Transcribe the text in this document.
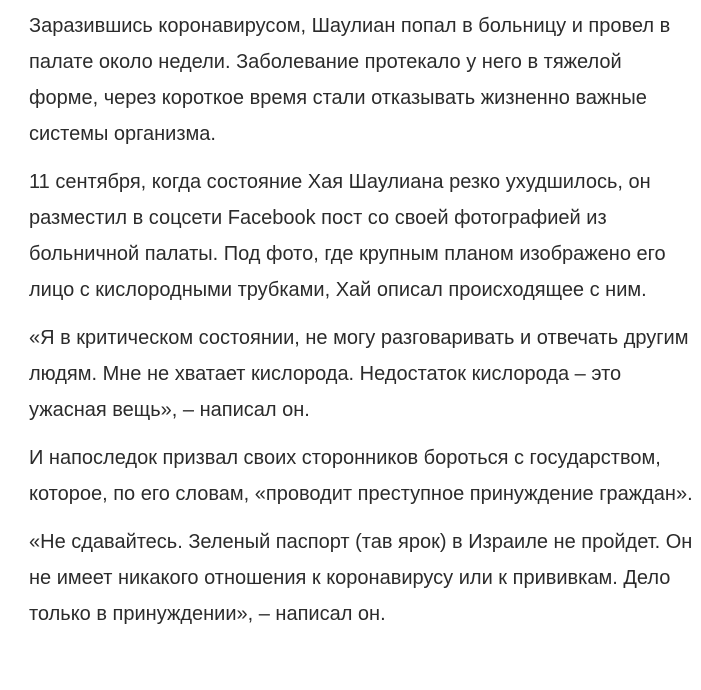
Заразившись коронавирусом, Шаулиан попал в больницу и провел в палате около недели. Заболевание протекало у него в тяжелой форме, через короткое время стали отказывать жизненно важные системы организма.

11 сентября, когда состояние Хая Шаулиана резко ухудшилось, он разместил в соцсети Facebook пост со своей фотографией из больничной палаты. Под фото, где крупным планом изображено его лицо с кислородными трубками, Хай описал происходящее с ним.

«Я в критическом состоянии, не могу разговаривать и отвечать другим людям. Мне не хватает кислорода. Недостаток кислорода – это ужасная вещь», – написал он.

И напоследок призвал своих сторонников бороться с государством, которое, по его словам, «проводит преступное принуждение граждан».

«Не сдавайтесь. Зеленый паспорт (тав ярок) в Израиле не пройдет. Он не имеет никакого отношения к коронавирусу или к прививкам. Дело только в принуждении», – написал он.
